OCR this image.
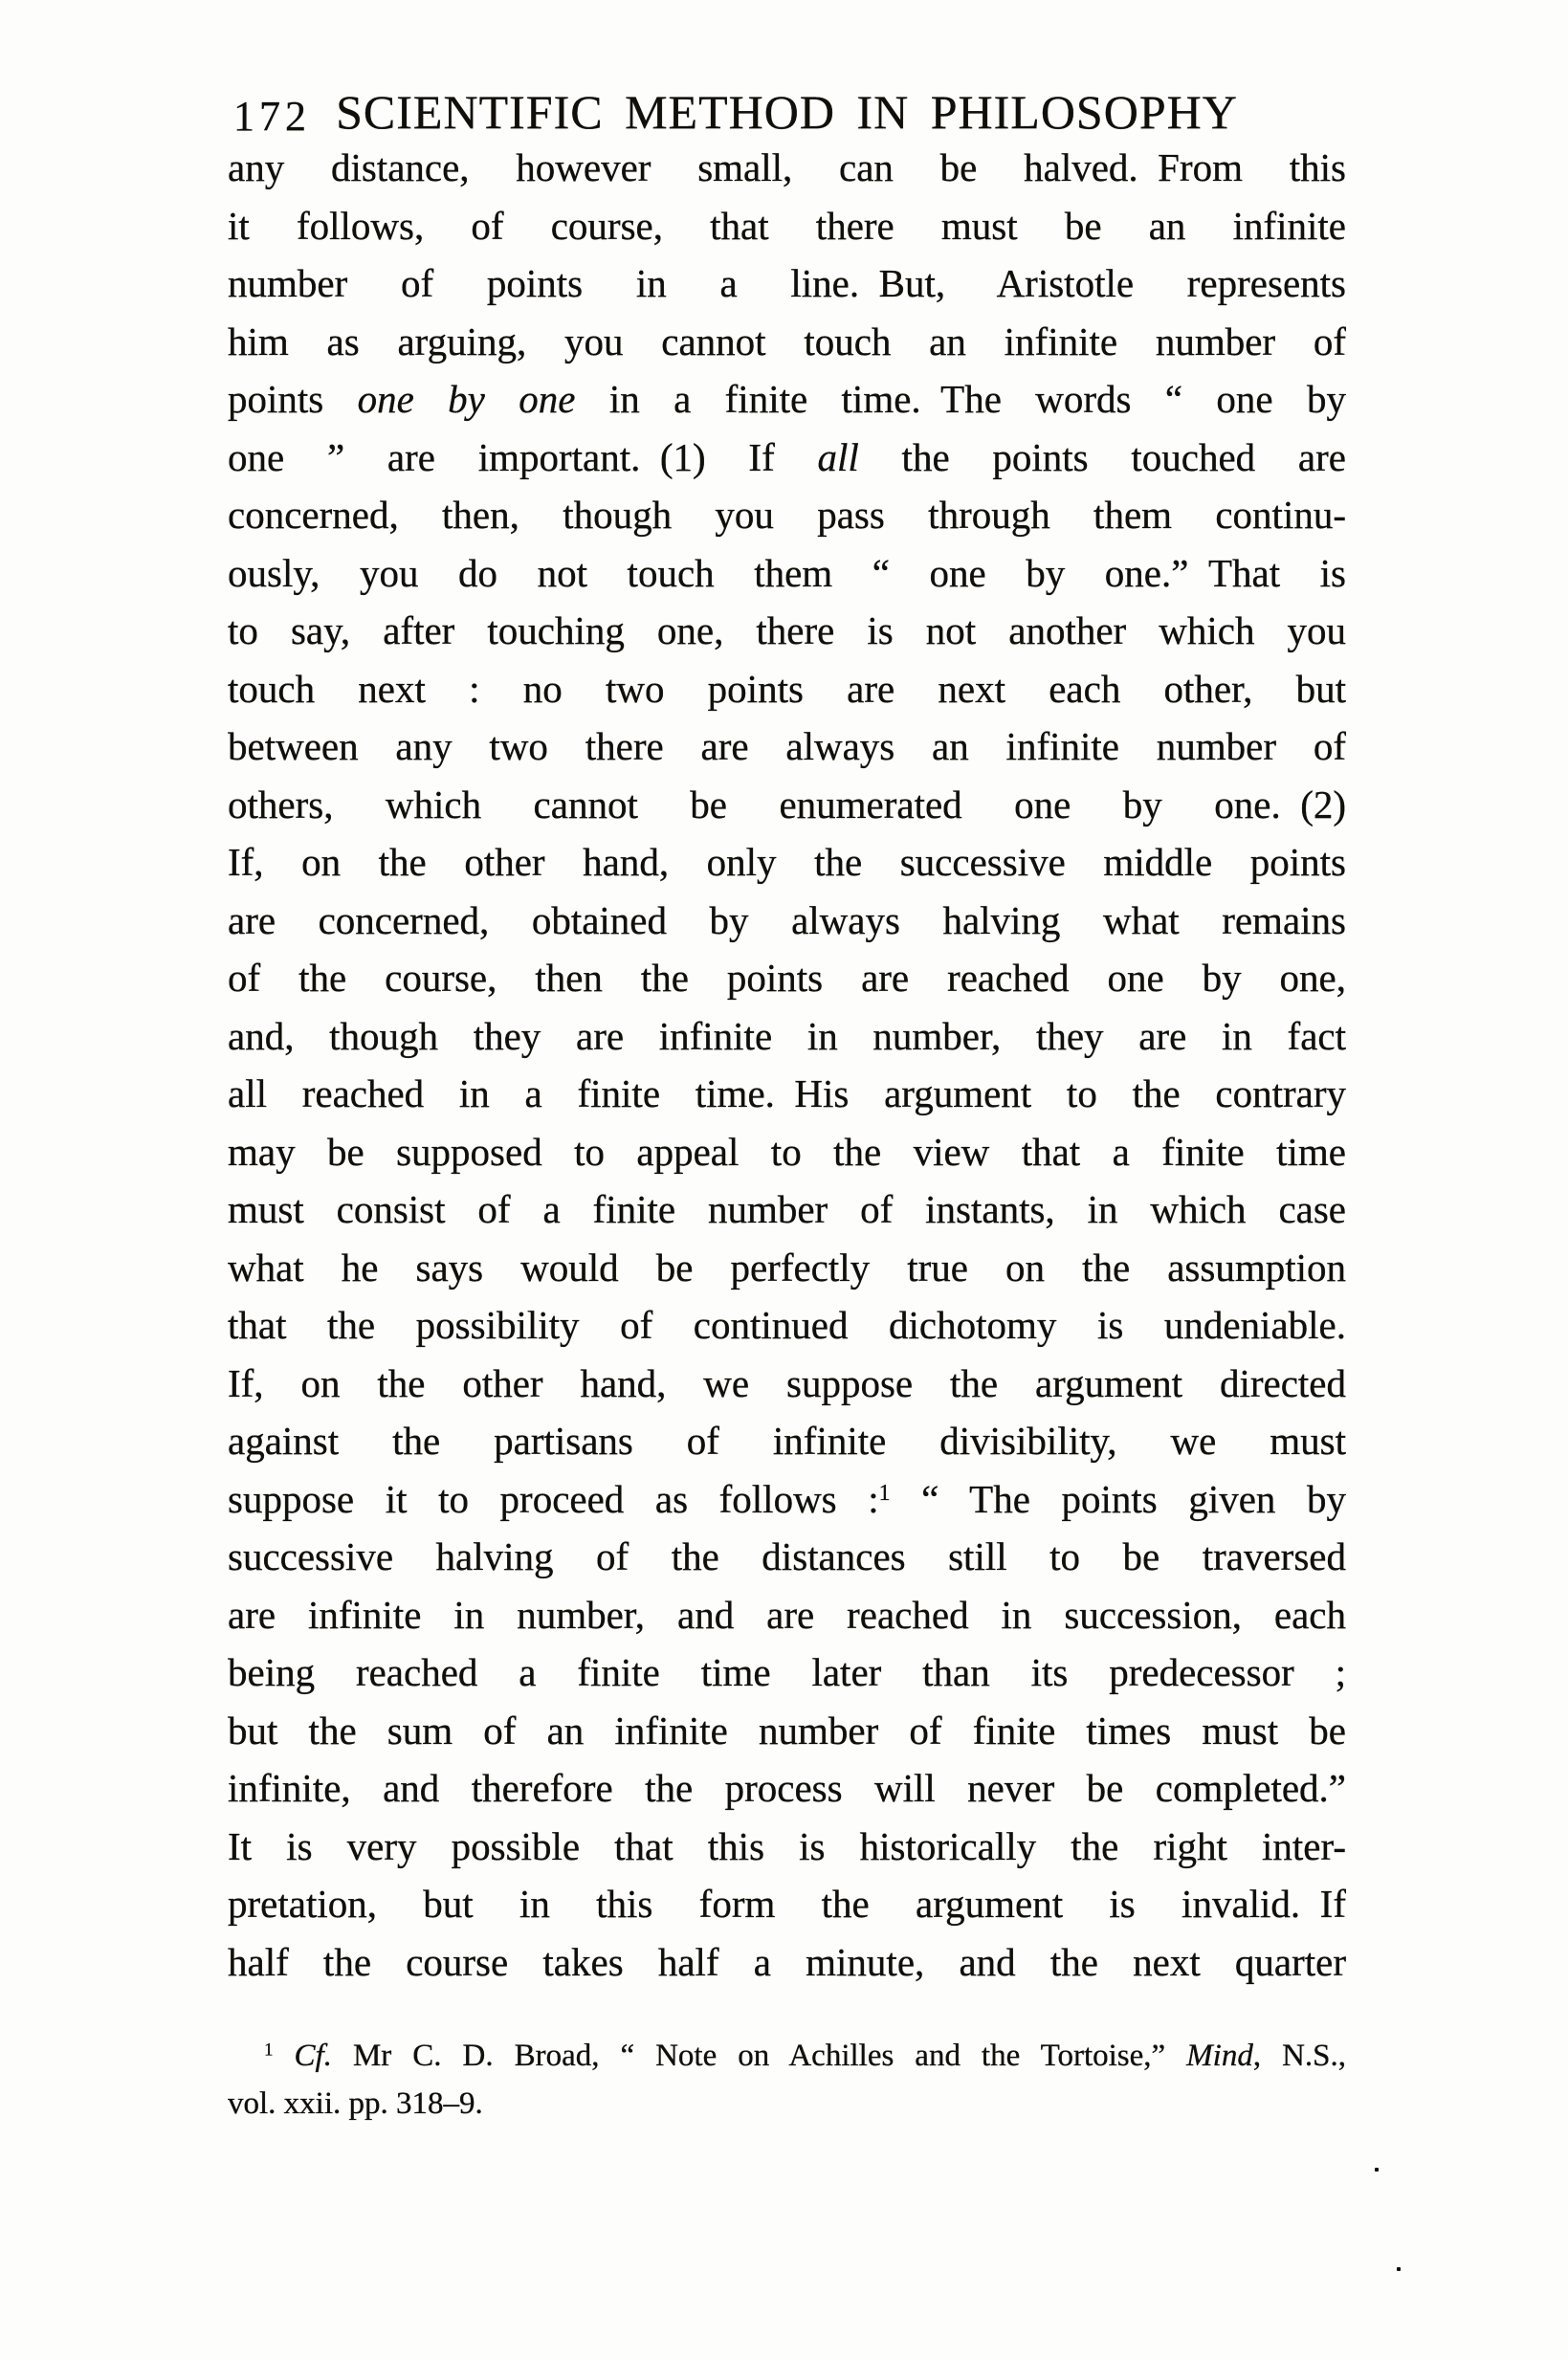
172 SCIENTIFIC METHOD IN PHILOSOPHY
any distance, however small, can be halved. From this
it follows, of course, that there must be an infinite
number of points in a line. But, Aristotle represents
him as arguing, you cannot touch an infinite number of
points one by one in a finite time. The words “ one by
one ” are important. (1) If all the points touched are
concerned, then, though you pass through them continu-
ously, you do not touch them “ one by one.” That is
to say, after touching one, there is not another which you
touch next : no two points are next each other, but
between any two there are always an infinite number of
others, which cannot be enumerated one by one. (2)
If, on the other hand, only the successive middle points
are concerned, obtained by always halving what remains
of the course, then the points are reached one by one,
and, though they are infinite in number, they are in fact
all reached in a finite time. His argument to the contrary
may be supposed to appeal to the view that a finite time
must consist of a finite number of instants, in which case
what he says would be perfectly true on the assumption
that the possibility of continued dichotomy is undeniable.
If, on the other hand, we suppose the argument directed
against the partisans of infinite divisibility, we must
suppose it to proceed as follows :$^1$ “ The points given by
successive halving of the distances still to be traversed
are infinite in number, and are reached in succession, each
being reached a finite time later than its predecessor ;
but the sum of an infinite number of finite times must be
infinite, and therefore the process will never be completed.”
It is very possible that this is historically the right inter-
pretation, but in this form the argument is invalid. If
half the course takes half a minute, and the next quarter
$^1$ Cf. Mr C. D. Broad, “ Note on Achilles and the Tortoise,” Mind, N.S.,
vol. xxii. pp. 318–9.
